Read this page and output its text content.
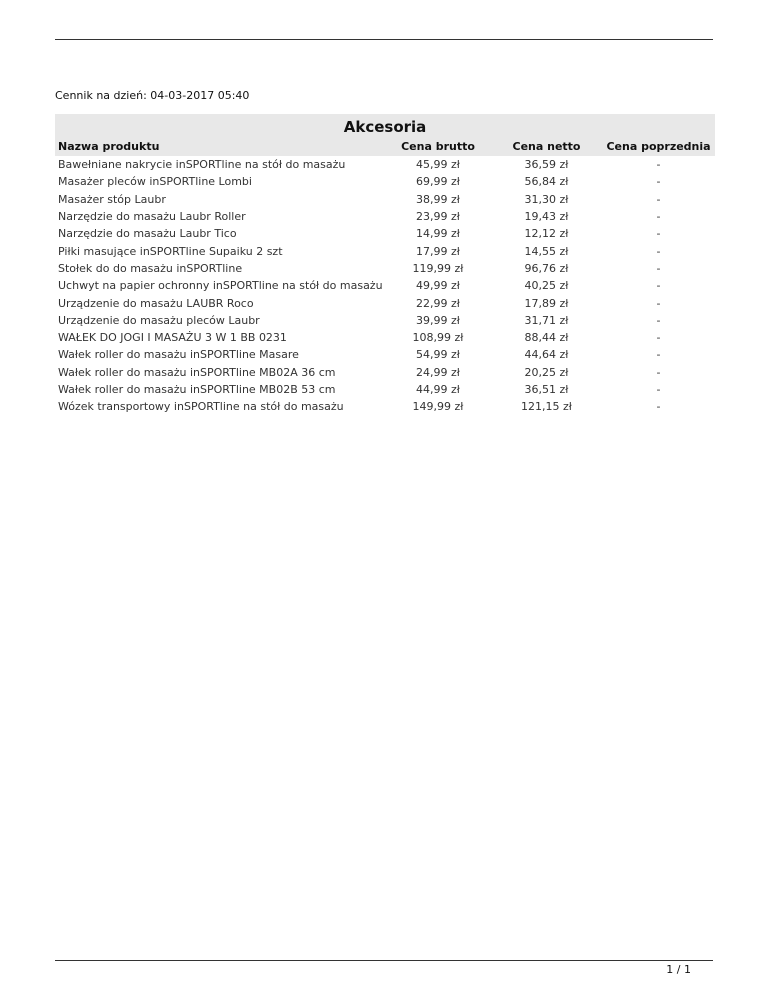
Cennik na dzień: 04-03-2017 05:40
Akcesoria			
Nazwa produktu	Cena brutto	Cena netto	Cena poprzednia
Bawełniane nakrycie inSPORTline na stół do masażu	45,99 zł	36,59 zł	-
Masażer pleców inSPORTline Lombi	69,99 zł	56,84 zł	-
Masażer stóp Laubr	38,99 zł	31,30 zł	-
Narzędzie do masażu Laubr Roller	23,99 zł	19,43 zł	-
Narzędzie do masażu Laubr Tico	14,99 zł	12,12 zł	-
Piłki masujące inSPORTline Supaiku 2 szt	17,99 zł	14,55 zł	-
Stołek do do masażu inSPORTline	119,99 zł	96,76 zł	-
Uchwyt na papier ochronny inSPORTline na stół do masażu	49,99 zł	40,25 zł	-
Urządzenie do masażu LAUBR Roco	22,99 zł	17,89 zł	-
Urządzenie do masażu pleców Laubr	39,99 zł	31,71 zł	-
WAŁEK DO JOGI I MASAŻU 3 W 1 BB 0231	108,99 zł	88,44 zł	-
Wałek roller do masażu inSPORTline Masare	54,99 zł	44,64 zł	-
Wałek roller do masażu inSPORTline MB02A 36 cm	24,99 zł	20,25 zł	-
Wałek roller do masażu inSPORTline MB02B 53 cm	44,99 zł	36,51 zł	-
Wózek transportowy inSPORTline na stół do masażu	149,99 zł	121,15 zł	-
1 / 1
